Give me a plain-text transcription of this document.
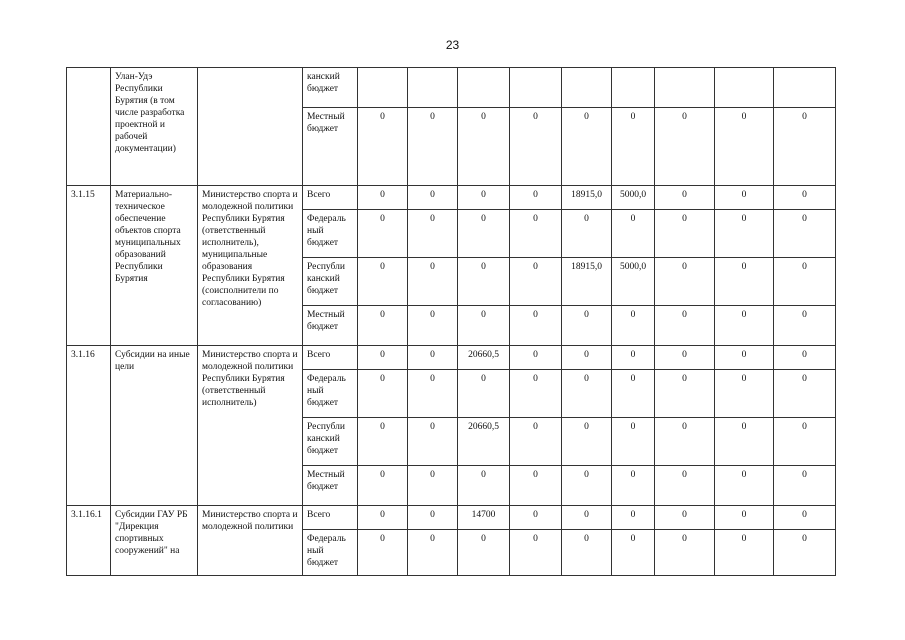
23
	Улан-Удэ Республики Бурятия (в том числе разработка проектной и рабочей документации)		канский бюджет									
			Местный бюджет	0	0	0	0	0	0	0	0	0
3.1.15	Материально-техническое обеспечение объектов спорта муниципальных образований Республики Бурятия	Министерство спорта и молодежной политики Республики Бурятия (ответственный исполнитель), муниципальные образования Республики Бурятия (соисполнители по согласованию)	Всего	0	0	0	0	18915,0	5000,0	0	0	0
			Федераль ный бюджет	0	0	0	0	0	0	0	0	0
			Республи канский бюджет	0	0	0	0	18915,0	5000,0	0	0	0
			Местный бюджет	0	0	0	0	0	0	0	0	0
3.1.16	Субсидии на иные цели	Министерство спорта и молодежной политики Республики Бурятия (ответственный исполнитель)	Всего	0	0	20660,5	0	0	0	0	0	0
			Федераль ный бюджет	0	0	0	0	0	0	0	0	0
			Республи канский бюджет	0	0	20660,5	0	0	0	0	0	0
			Местный бюджет	0	0	0	0	0	0	0	0	0
3.1.16.1	Субсидии ГАУ РБ "Дирекция спортивных сооружений" на	Министерство спорта и молодежной политики	Всего	0	0	14700	0	0	0	0	0	0
			Федераль ный бюджет	0	0	0	0	0	0	0	0	0
